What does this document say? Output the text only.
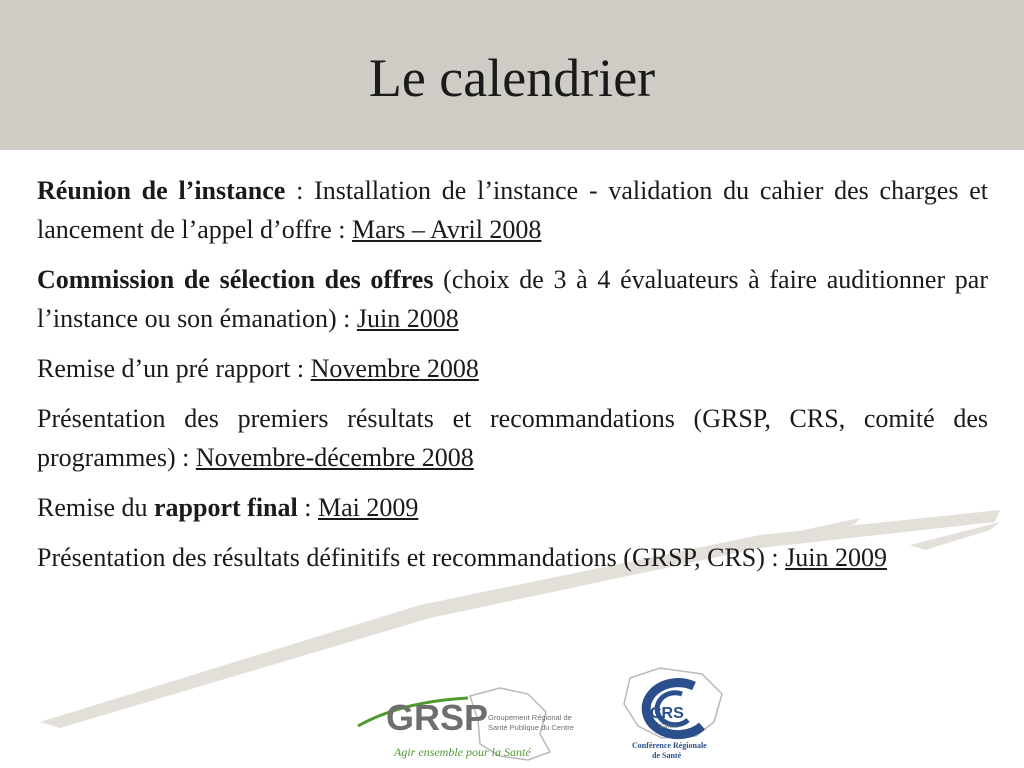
Le calendrier

Réunion de l’instance : Installation de l’instance - validation du cahier des charges et lancement de l’appel d’offre : Mars – Avril 2008

Commission de sélection des offres (choix de 3 à 4 évaluateurs à faire auditionner par l’instance ou son émanation) : Juin 2008

Remise d’un pré rapport : Novembre 2008

Présentation des premiers résultats et recommandations (GRSP, CRS, comité des programmes) : Novembre-décembre 2008

Remise du rapport final : Mai 2009

Présentation des résultats définitifs et recommandations (GRSP, CRS) : Juin 2009

GRSP Groupement Régional de
Santé Publique du Centre
Agir ensemble pour la Santé
CRS
Centre
Conférence Régionale
de Santé
